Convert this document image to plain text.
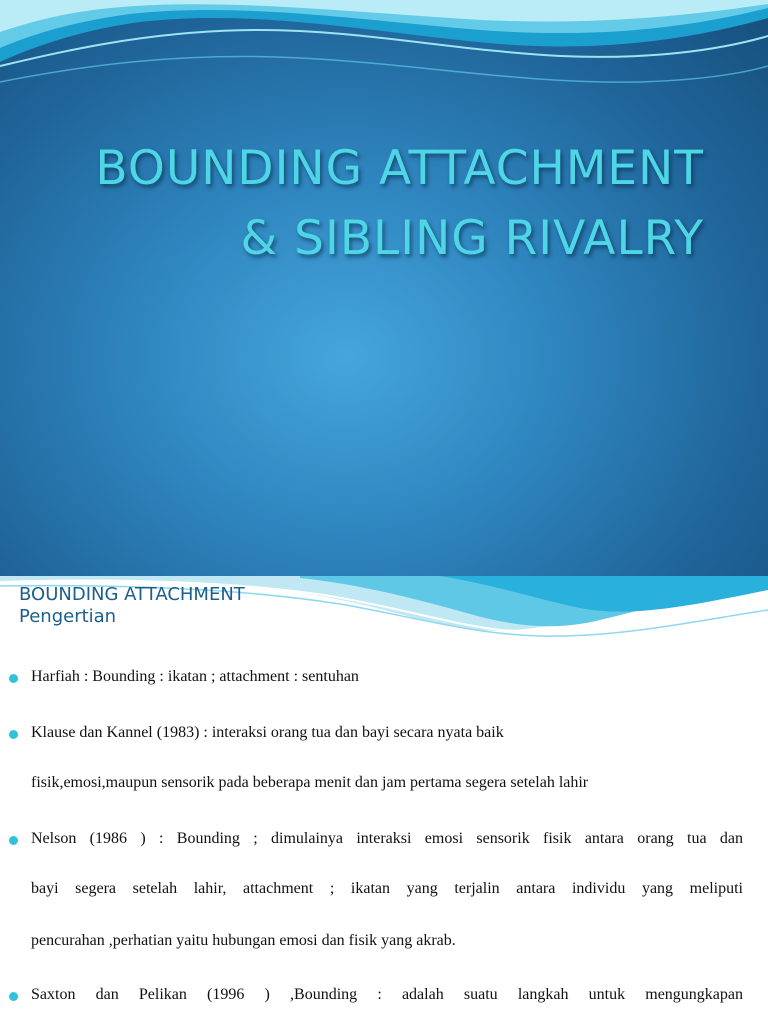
BOUNDING ATTACHMENT
& SIBLING RIVALRY
BOUNDING ATTACHMENT
Pengertian
Harfiah : Bounding : ikatan ; attachment : sentuhan
Klause dan Kannel (1983) : interaksi orang tua dan bayi secara nyata baik
fisik,emosi,maupun sensorik pada beberapa menit dan jam pertama segera setelah lahir
Nelson (1986 ) : Bounding ; dimulainya interaksi emosi sensorik fisik antara orang tua dan
bayi segera setelah lahir, attachment ; ikatan yang terjalin antara individu yang meliputi
pencurahan ,perhatian yaitu hubungan emosi dan fisik yang akrab.
Saxton dan Pelikan (1996 ) ,Bounding : adalah suatu langkah untuk mengungkapan
